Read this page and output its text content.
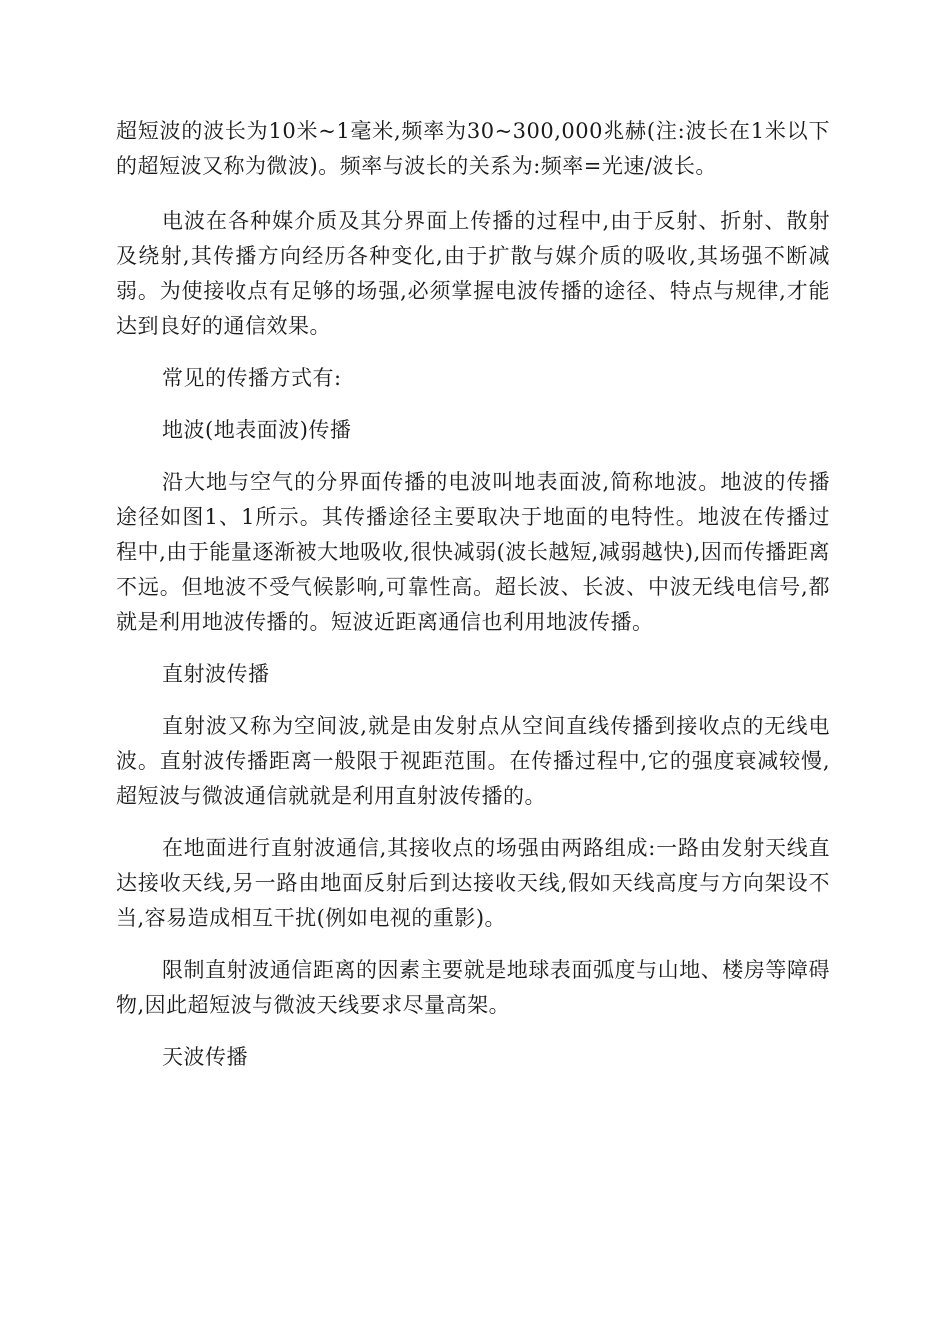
超短波的波长为10米~1毫米,频率为30~300,000兆赫(注:波长在1米以下的超短波又称为微波)。频率与波长的关系为:频率=光速/波长。

电波在各种媒介质及其分界面上传播的过程中,由于反射、折射、散射及绕射,其传播方向经历各种变化,由于扩散与媒介质的吸收,其场强不断减弱。为使接收点有足够的场强,必须掌握电波传播的途径、特点与规律,才能达到良好的通信效果。

常见的传播方式有:

地波(地表面波)传播

沿大地与空气的分界面传播的电波叫地表面波,简称地波。地波的传播途径如图1、1所示。其传播途径主要取决于地面的电特性。地波在传播过程中,由于能量逐渐被大地吸收,很快减弱(波长越短,减弱越快),因而传播距离不远。但地波不受气候影响,可靠性高。超长波、长波、中波无线电信号,都就是利用地波传播的。短波近距离通信也利用地波传播。

直射波传播

直射波又称为空间波,就是由发射点从空间直线传播到接收点的无线电波。直射波传播距离一般限于视距范围。在传播过程中,它的强度衰减较慢,超短波与微波通信就就是利用直射波传播的。

在地面进行直射波通信,其接收点的场强由两路组成:一路由发射天线直达接收天线,另一路由地面反射后到达接收天线,假如天线高度与方向架设不当,容易造成相互干扰(例如电视的重影)。

限制直射波通信距离的因素主要就是地球表面弧度与山地、楼房等障碍物,因此超短波与微波天线要求尽量高架。

天波传播
